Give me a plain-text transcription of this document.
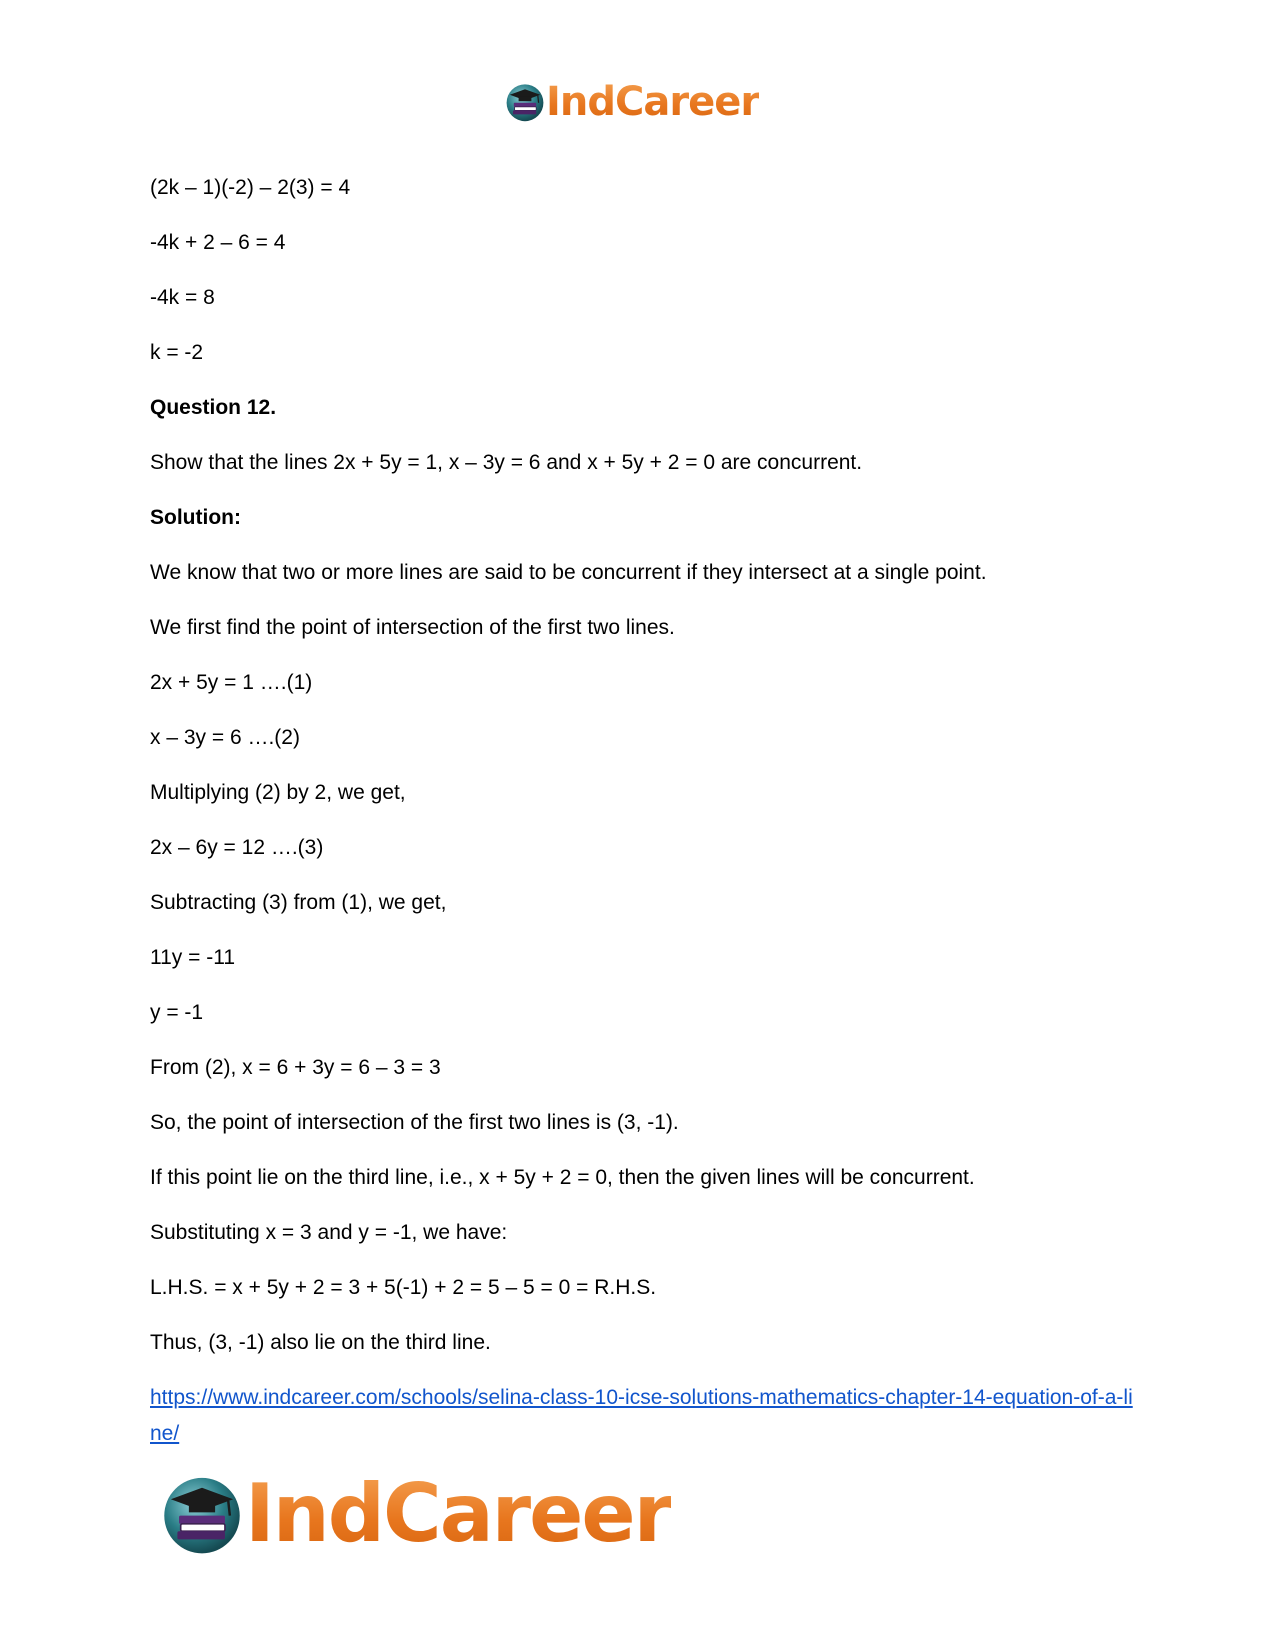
IndCareer
(2k – 1)(-2) – 2(3) = 4
-4k + 2 – 6 = 4
-4k = 8
k = -2
Question 12.
Show that the lines 2x + 5y = 1, x – 3y = 6 and x + 5y + 2 = 0 are concurrent.
Solution:
We know that two or more lines are said to be concurrent if they intersect at a single point.
We first find the point of intersection of the first two lines.
2x + 5y = 1 ….(1)
x – 3y = 6 ….(2)
Multiplying (2) by 2, we get,
2x – 6y = 12 ….(3)
Subtracting (3) from (1), we get,
11y = -11
y = -1
From (2), x = 6 + 3y = 6 – 3 = 3
So, the point of intersection of the first two lines is (3, -1).
If this point lie on the third line, i.e., x + 5y + 2 = 0, then the given lines will be concurrent.
Substituting x = 3 and y = -1, we have:
L.H.S. = x + 5y + 2 = 3 + 5(-1) + 2 = 5 – 5 = 0 = R.H.S.
Thus, (3, -1) also lie on the third line.
https://www.indcareer.com/schools/selina-class-10-icse-solutions-mathematics-chapter-14-equation-of-a-line/
IndCareer
